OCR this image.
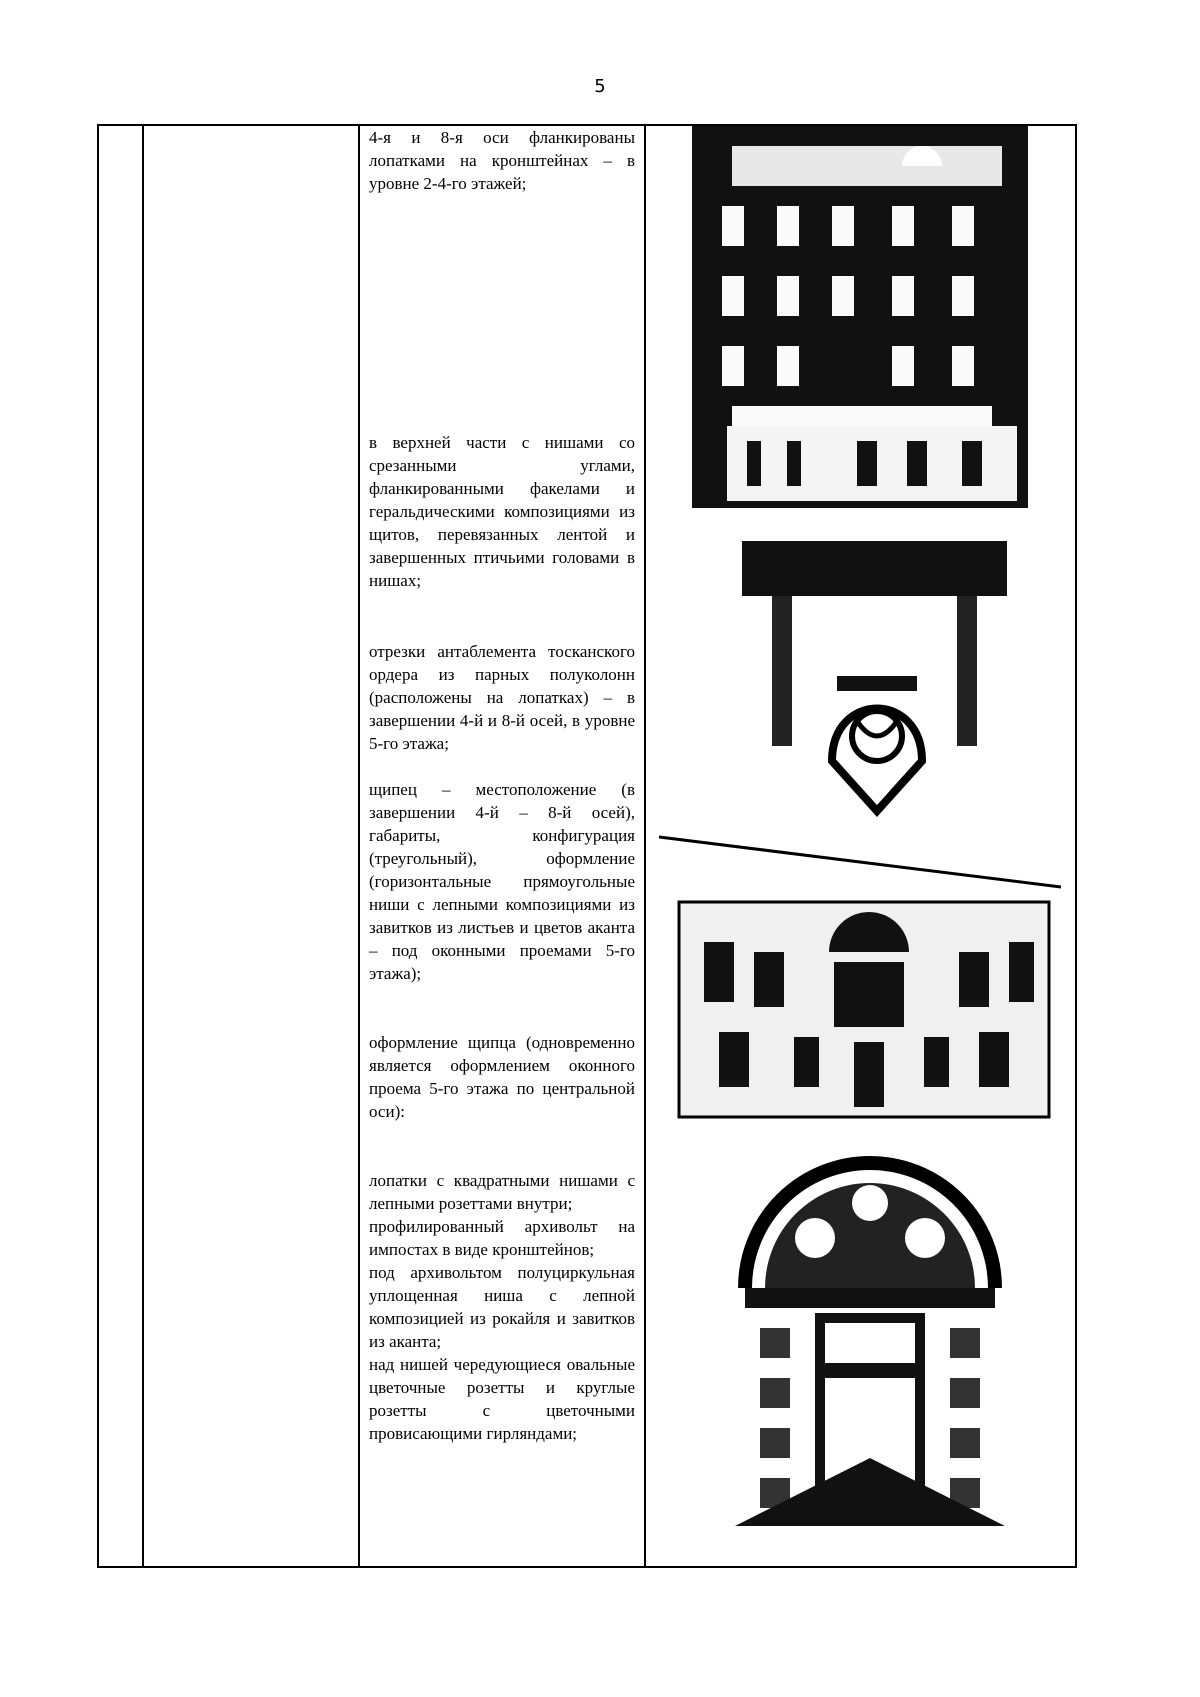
5

4-я и 8-я оси фланкированы лопатками на кронштейнах – в уровне 2-4-го этажей;

в верхней части с нишами со срезанными углами, фланкированными факелами и геральдическими композициями из щитов, перевязанных лентой и завершенных птичьими головами в нишах;

отрезки антаблемента тосканского ордера из парных полуколонн (расположены на лопатках) – в завершении 4-й и 8-й осей, в уровне 5-го этажа;

щипец – местоположение (в завершении 4-й – 8-й осей), габариты, конфигурация (треугольный), оформление (горизонтальные прямоугольные ниши с лепными композициями из завитков из листьев и цветов аканта – под оконными проемами 5-го этажа);

оформление щипца (одновременно является оформлением оконного проема 5-го этажа по центральной оси):

лопатки с квадратными нишами с лепными розеттами внутри;

профилированный архивольт на импостах в виде кронштейнов;

под архивольтом полуциркульная уплощенная ниша с лепной композицией из рокайля и завитков из аканта;

над нишей чередующиеся овальные цветочные розетты и круглые розетты с цветочными провисающими гирляндами;
